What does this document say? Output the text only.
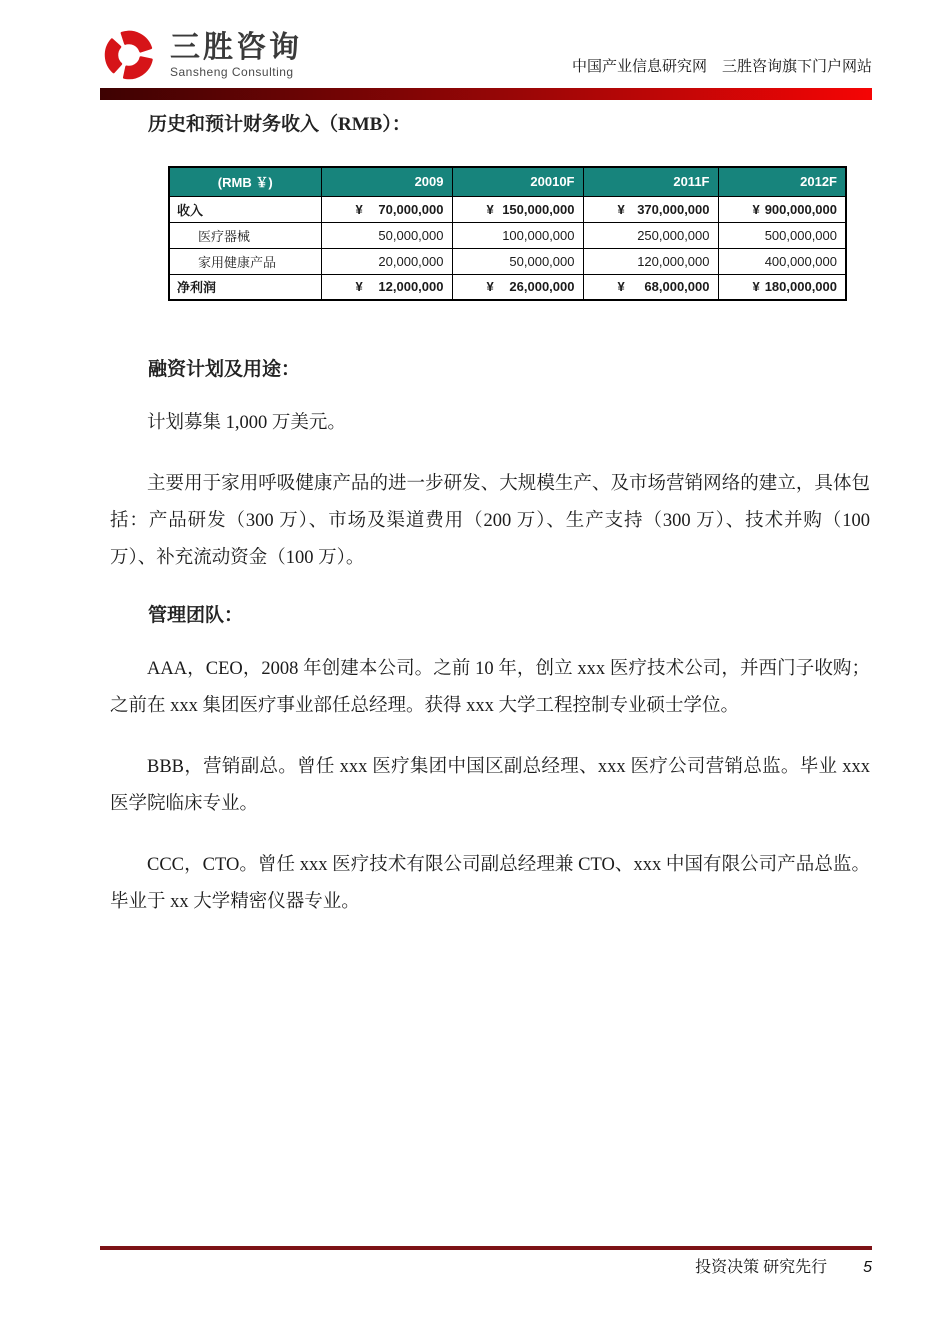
三胜咨询
Sansheng Consulting	中国产业信息研究网　三胜咨询旗下门户网站
历史和预计财务收入（RMB）：
(RMB ￥)	2009	20010F	2011F	2012F
收入	¥ 70,000,000	¥ 150,000,000	¥ 370,000,000	¥ 900,000,000

医疗器械	50,000,000	100,000,000	250,000,000	500,000,000
家用健康产品	20,000,000	50,000,000	120,000,000	400,000,000
净利润	¥ 12,000,000	¥ 26,000,000	¥ 68,000,000	¥ 180,000,000
融资计划及用途：

计划募集 1,000 万美元。

主要用于家用呼吸健康产品的进一步研发、大规模生产、及市场营销网络的建立，具体包括：产品研发（300 万）、市场及渠道费用（200 万）、生产支持（300 万）、技术并购（100 万）、补充流动资金（100 万）。

管理团队：

AAA，CEO，2008 年创建本公司。之前 10 年，创立 xxx 医疗技术公司，并西门子收购；之前在 xxx 集团医疗事业部任总经理。获得 xxx 大学工程控制专业硕士学位。

BBB，营销副总。曾任 xxx 医疗集团中国区副总经理、xxx 医疗公司营销总监。毕业 xxx 医学院临床专业。

CCC，CTO。曾任 xxx 医疗技术有限公司副总经理兼 CTO、xxx 中国有限公司产品总监。毕业于 xx 大学精密仪器专业。

投资决策 研究先行 5
